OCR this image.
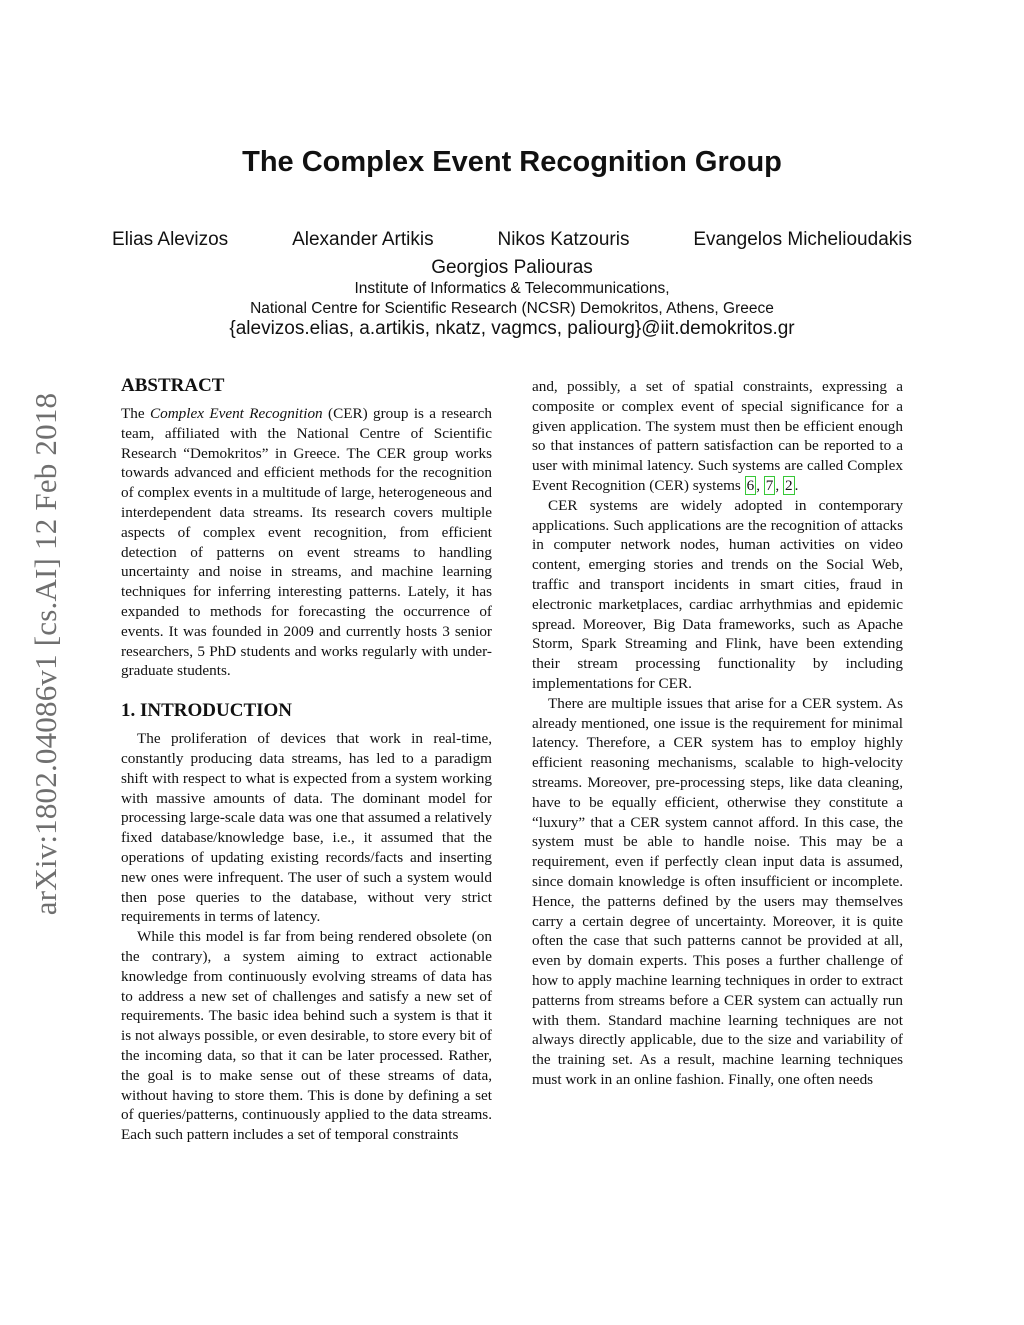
arXiv:1802.04086v1 [cs.AI] 12 Feb 2018
The Complex Event Recognition Group
Elias Alevizos	Alexander Artikis	Nikos Katzouris	Evangelos Michelioudakis
Georgios Paliouras
Institute of Informatics & Telecommunications,
National Centre for Scientific Research (NCSR) Demokritos, Athens, Greece
{alevizos.elias, a.artikis, nkatz, vagmcs, paliourg}@iit.demokritos.gr
ABSTRACT

The Complex Event Recognition (CER) group is a research team, affiliated with the National Centre of Scientific Research “Demokritos” in Greece. The CER group works towards advanced and efficient methods for the recognition of complex events in a multitude of large, heterogeneous and interdependent data streams. Its research covers multiple aspects of complex event recognition, from efficient detection of patterns on event streams to handling uncertainty and noise in streams, and machine learning techniques for inferring interesting patterns. Lately, it has expanded to methods for forecasting the occurrence of events. It was founded in 2009 and currently hosts 3 senior researchers, 5 PhD students and works regularly with under-graduate students.

1. INTRODUCTION

The proliferation of devices that work in real-time, constantly producing data streams, has led to a paradigm shift with respect to what is expected from a system working with massive amounts of data. The dominant model for processing large-scale data was one that assumed a relatively fixed database/knowledge base, i.e., it assumed that the operations of updating existing records/facts and inserting new ones were infrequent. The user of such a system would then pose queries to the database, without very strict requirements in terms of latency.

While this model is far from being rendered obsolete (on the contrary), a system aiming to extract actionable knowledge from continuously evolving streams of data has to address a new set of challenges and satisfy a new set of requirements. The basic idea behind such a system is that it is not always possible, or even desirable, to store every bit of the incoming data, so that it can be later processed. Rather, the goal is to make sense out of these streams of data, without having to store them. This is done by defining a set of queries/patterns, continuously applied to the data streams. Each such pattern includes a set of temporal constraints

and, possibly, a set of spatial constraints, expressing a composite or complex event of special significance for a given application. The system must then be efficient enough so that instances of pattern satisfaction can be reported to a user with minimal latency. Such systems are called Complex Event Recognition (CER) systems 6 , 7 , 2 .

CER systems are widely adopted in contemporary applications. Such applications are the recognition of attacks in computer network nodes, human activities on video content, emerging stories and trends on the Social Web, traffic and transport incidents in smart cities, fraud in electronic marketplaces, cardiac arrhythmias and epidemic spread. Moreover, Big Data frameworks, such as Apache Storm, Spark Streaming and Flink, have been extending their stream processing functionality by including implementations for CER.

There are multiple issues that arise for a CER system. As already mentioned, one issue is the requirement for minimal latency. Therefore, a CER system has to employ highly efficient reasoning mechanisms, scalable to high-velocity streams. Moreover, pre-processing steps, like data cleaning, have to be equally efficient, otherwise they constitute a “luxury” that a CER system cannot afford. In this case, the system must be able to handle noise. This may be a requirement, even if perfectly clean input data is assumed, since domain knowledge is often insufficient or incomplete. Hence, the patterns defined by the users may themselves carry a certain degree of uncertainty. Moreover, it is quite often the case that such patterns cannot be provided at all, even by domain experts. This poses a further challenge of how to apply machine learning techniques in order to extract patterns from streams before a CER system can actually run with them. Standard machine learning techniques are not always directly applicable, due to the size and variability of the training set. As a result, machine learning techniques must work in an online fashion. Finally, one often needs
